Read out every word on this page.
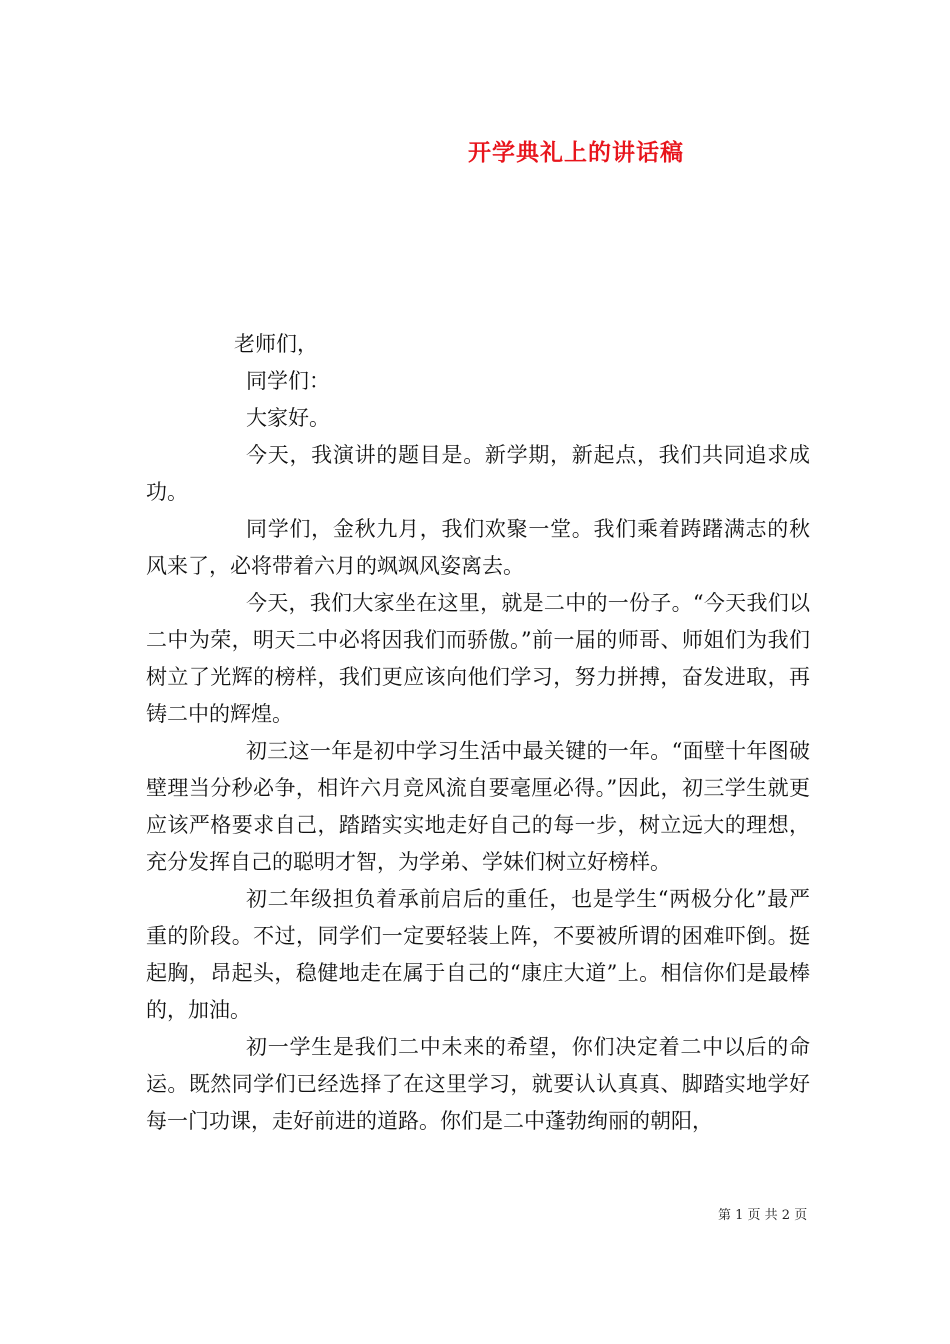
开学典礼上的讲话稿

老师们，

同学们：

大家好。

今天，我演讲的题目是。新学期，新起点，我们共同追求成功。

同学们，金秋九月，我们欢聚一堂。我们乘着踌躇满志的秋风来了，必将带着六月的飒飒风姿离去。

今天，我们大家坐在这里，就是二中的一份子。“今天我们以二中为荣，明天二中必将因我们而骄傲。”前一届的师哥、师姐们为我们树立了光辉的榜样，我们更应该向他们学习，努力拼搏，奋发进取，再铸二中的辉煌。

初三这一年是初中学习生活中最关键的一年。“面壁十年图破壁理当分秒必争，相许六月竞风流自要毫厘必得。”因此，初三学生就更应该严格要求自己，踏踏实实地走好自己的每一步，树立远大的理想，充分发挥自己的聪明才智，为学弟、学妹们树立好榜样。

初二年级担负着承前启后的重任，也是学生“两极分化”最严重的阶段。不过，同学们一定要轻装上阵，不要被所谓的困难吓倒。挺起胸，昂起头，稳健地走在属于自己的“康庄大道”上。相信你们是最棒的，加油。

初一学生是我们二中未来的希望，你们决定着二中以后的命运。既然同学们已经选择了在这里学习，就要认认真真、脚踏实地学好每一门功课，走好前进的道路。你们是二中蓬勃绚丽的朝阳，

第 1 页 共 2 页
